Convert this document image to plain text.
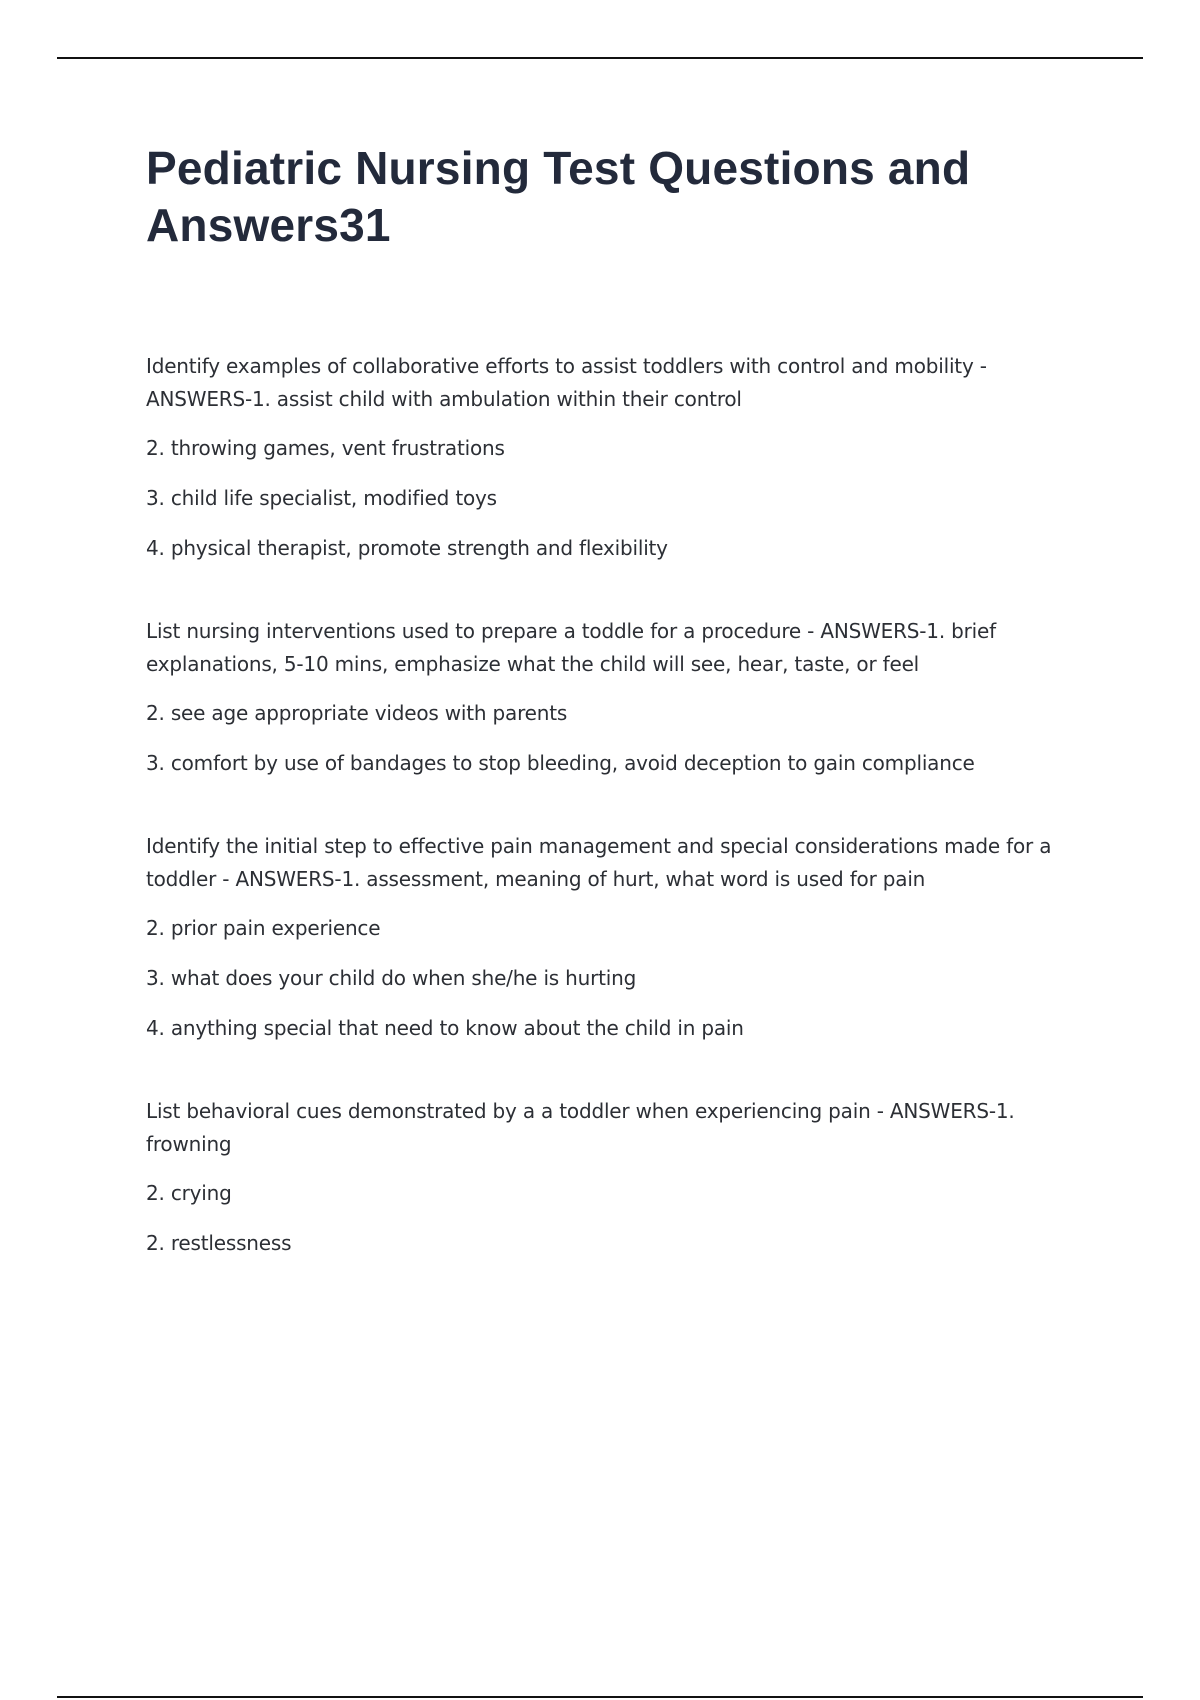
Pediatric Nursing Test Questions and Answers31

Identify examples of collaborative efforts to assist toddlers with control and mobility - ANSWERS-1. assist child with ambulation within their control

2. throwing games, vent frustrations

3. child life specialist, modified toys

4. physical therapist, promote strength and flexibility

List nursing interventions used to prepare a toddle for a procedure - ANSWERS-1. brief explanations, 5-10 mins, emphasize what the child will see, hear, taste, or feel

2. see age appropriate videos with parents

3. comfort by use of bandages to stop bleeding, avoid deception to gain compliance

Identify the initial step to effective pain management and special considerations made for a toddler - ANSWERS-1. assessment, meaning of hurt, what word is used for pain

2. prior pain experience

3. what does your child do when she/he is hurting

4. anything special that need to know about the child in pain

List behavioral cues demonstrated by a a toddler when experiencing pain - ANSWERS-1. frowning

2. crying

2. restlessness
